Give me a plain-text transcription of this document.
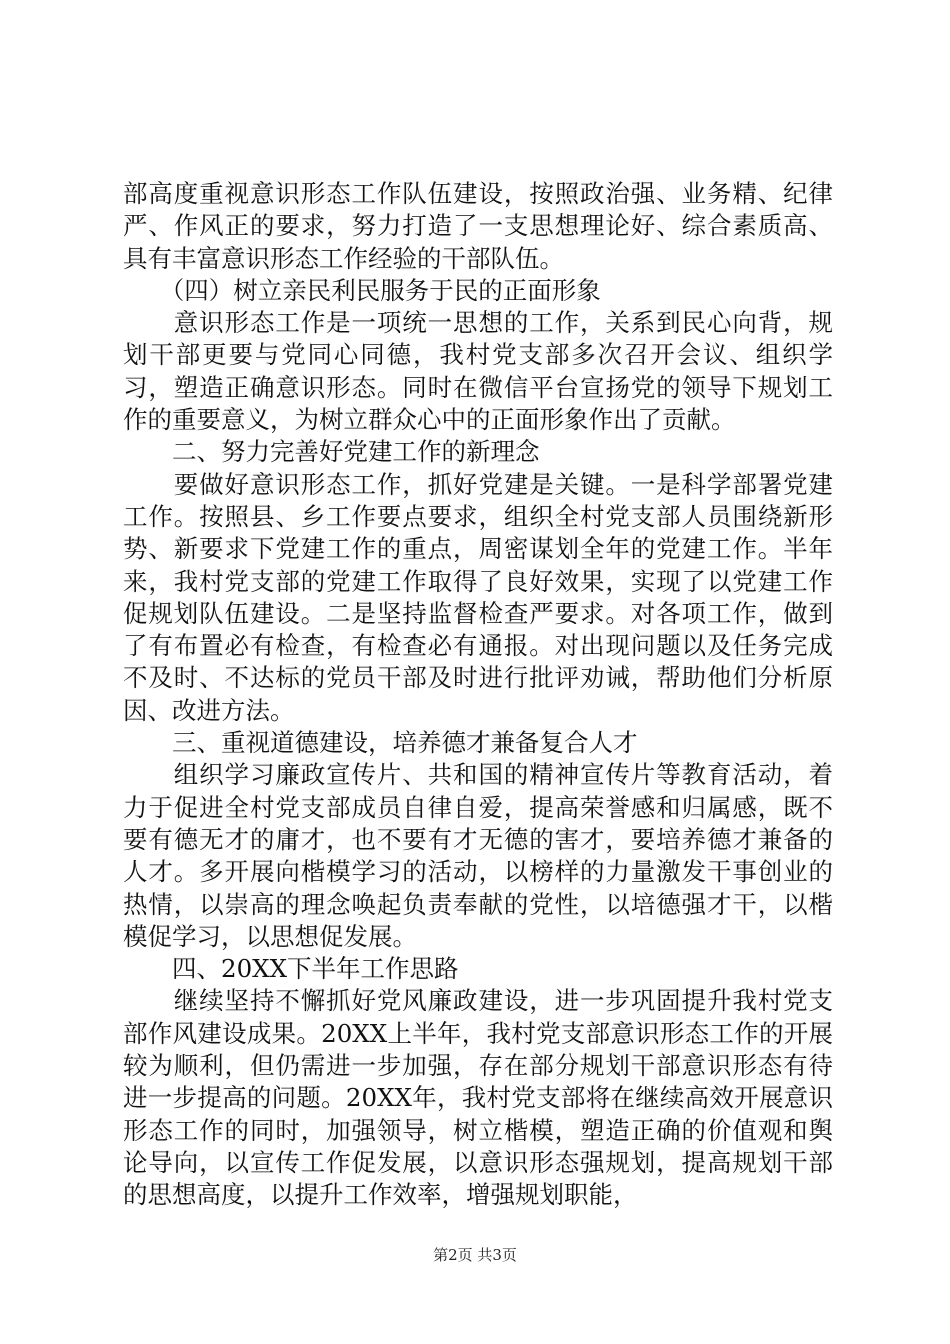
部高度重视意识形态工作队伍建设，按照政治强、业务精、纪律严、作风正的要求，努力打造了一支思想理论好、综合素质高、具有丰富意识形态工作经验的干部队伍。

　　（四）树立亲民利民服务于民的正面形象

　　意识形态工作是一项统一思想的工作，关系到民心向背，规划干部更要与党同心同德，我村党支部多次召开会议、组织学习，塑造正确意识形态。同时在微信平台宣扬党的领导下规划工作的重要意义，为树立群众心中的正面形象作出了贡献。

　　二、努力完善好党建工作的新理念

　　要做好意识形态工作，抓好党建是关键。一是科学部署党建工作。按照县、乡工作要点要求，组织全村党支部人员围绕新形势、新要求下党建工作的重点，周密谋划全年的党建工作。半年来，我村党支部的党建工作取得了良好效果，实现了以党建工作促规划队伍建设。二是坚持监督检查严要求。对各项工作，做到了有布置必有检查，有检查必有通报。对出现问题以及任务完成不及时、不达标的党员干部及时进行批评劝诫，帮助他们分析原因、改进方法。

　　三、重视道德建设，培养德才兼备复合人才

　　组织学习廉政宣传片、共和国的精神宣传片等教育活动，着力于促进全村党支部成员自律自爱，提高荣誉感和归属感，既不要有德无才的庸才，也不要有才无德的害才，要培养德才兼备的人才。多开展向楷模学习的活动，以榜样的力量激发干事创业的热情，以崇高的理念唤起负责奉献的党性，以培德强才干，以楷模促学习，以思想促发展。

　　四、20XX下半年工作思路

　　继续坚持不懈抓好党风廉政建设，进一步巩固提升我村党支部作风建设成果。20XX上半年，我村党支部意识形态工作的开展较为顺利，但仍需进一步加强，存在部分规划干部意识形态有待进一步提高的问题。20XX年，我村党支部将在继续高效开展意识形态工作的同时，加强领导，树立楷模，塑造正确的价值观和舆论导向，以宣传工作促发展，以意识形态强规划，提高规划干部的思想高度，以提升工作效率，增强规划职能，

第2页 共3页
